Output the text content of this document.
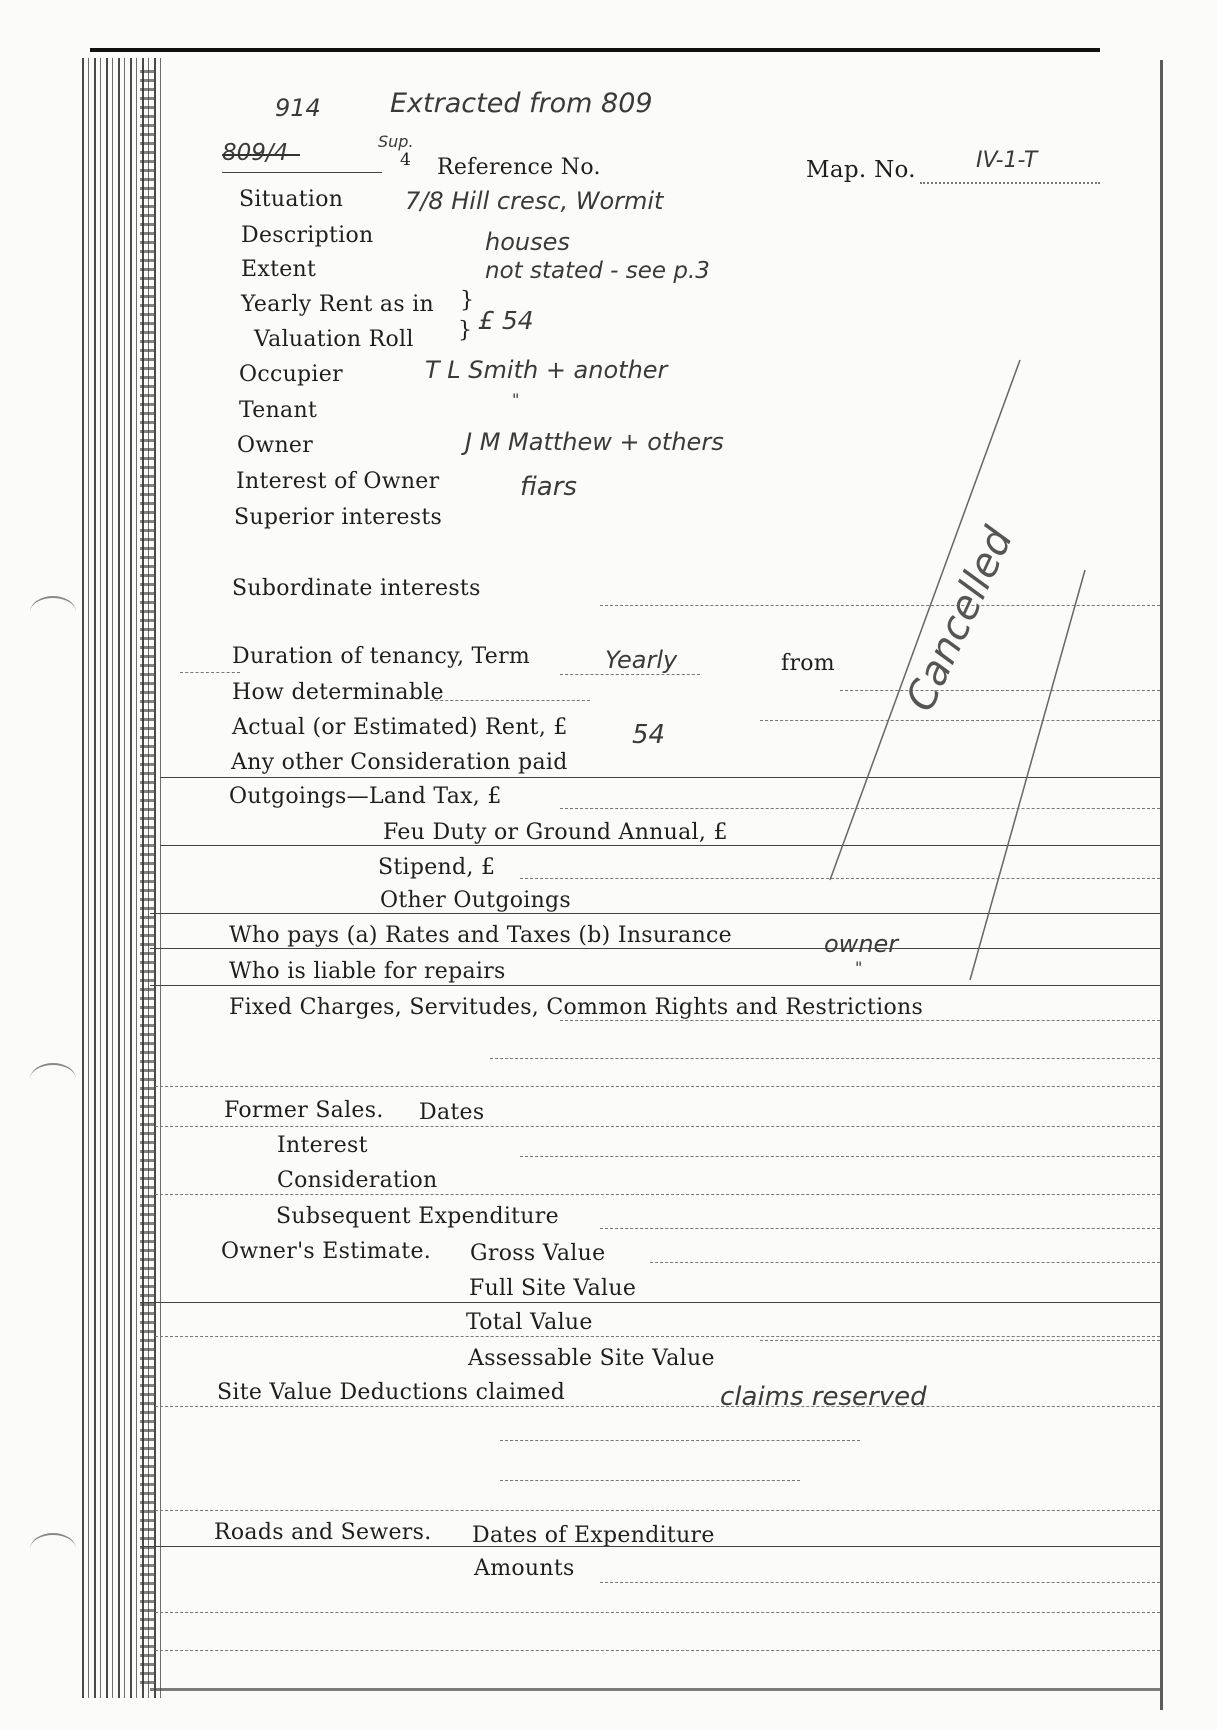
914	Extracted from 809
809/4	Sup.
4 Reference No.	Map. No.	IV-1-T
Situation	7/8 Hill cresc, Wormit
Description	houses
Extent	not stated - see p.3
Yearly Rent as in
Valuation Roll
}
} £ 54
Occupier	T L Smith + another
Tenant	"
Owner	J M Matthew + others
Interest of Owner	fiars
Superior interests
Subordinate interests
Duration of tenancy, Term	Yearly	from
How determinable
Actual (or Estimated) Rent, £ 54
Any other Consideration paid
Outgoings—Land Tax, £
Feu Duty or Ground Annual, £
Stipend, £
Other Outgoings
Who pays (a) Rates and Taxes (b) Insurance	owner
Who is liable for repairs	"
Fixed Charges, Servitudes, Common Rights and Restrictions
Former Sales. Dates
Interest
Consideration
Subsequent Expenditure
Owner's Estimate. Gross Value
Full Site Value
Total Value
Assessable Site Value
Site Value Deductions claimed	claims reserved
Roads and Sewers. Dates of Expenditure
Amounts
Cancelled
